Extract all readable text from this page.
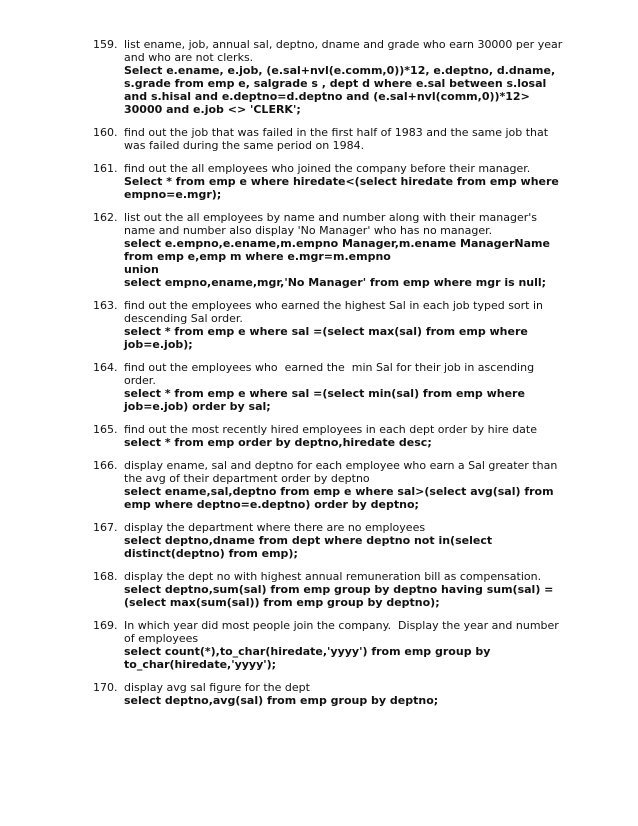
159. list ename, job, annual sal, deptno, dname and grade who earn 30000 per year and who are not clerks.

Select e.ename, e.job, (e.sal+nvl(e.comm,0))*12, e.deptno, d.dname, s.grade from emp e, salgrade s , dept d where e.sal between s.losal and s.hisal and e.deptno=d.deptno and (e.sal+nvl(comm,0))*12> 30000 and e.job <> 'CLERK';

160. find out the job that was failed in the first half of 1983 and the same job that was failed during the same period on 1984.

161. find out the all employees who joined the company before their manager.

Select * from emp e where hiredate<(select hiredate from emp where empno=e.mgr);

162. list out the all employees by name and number along with their manager's name and number also display 'No Manager' who has no manager.

select e.empno,e.ename,m.empno Manager,m.ename ManagerName from emp e,emp m where e.mgr=m.empno
union
select empno,ename,mgr,'No Manager' from emp where mgr is null;

163. find out the employees who earned the highest Sal in each job typed sort in descending Sal order.

select * from emp e where sal =(select max(sal) from emp where job=e.job);

164. find out the employees who  earned the  min Sal for their job in ascending order.

select * from emp e where sal =(select min(sal) from emp where job=e.job) order by sal;

165. find out the most recently hired employees in each dept order by hire date

select * from emp order by deptno,hiredate desc;

166. display ename, sal and deptno for each employee who earn a Sal greater than the avg of their department order by deptno

select ename,sal,deptno from emp e where sal>(select avg(sal) from emp where deptno=e.deptno) order by deptno;

167. display the department where there are no employees

select deptno,dname from dept where deptno not in(select distinct(deptno) from emp);

168. display the dept no with highest annual remuneration bill as compensation.

select deptno,sum(sal) from emp group by deptno having sum(sal) = (select max(sum(sal)) from emp group by deptno);

169. In which year did most people join the company.  Display the year and number of employees

select count(*),to_char(hiredate,'yyyy') from emp group by to_char(hiredate,'yyyy');

170. display avg sal figure for the dept

select deptno,avg(sal) from emp group by deptno;
